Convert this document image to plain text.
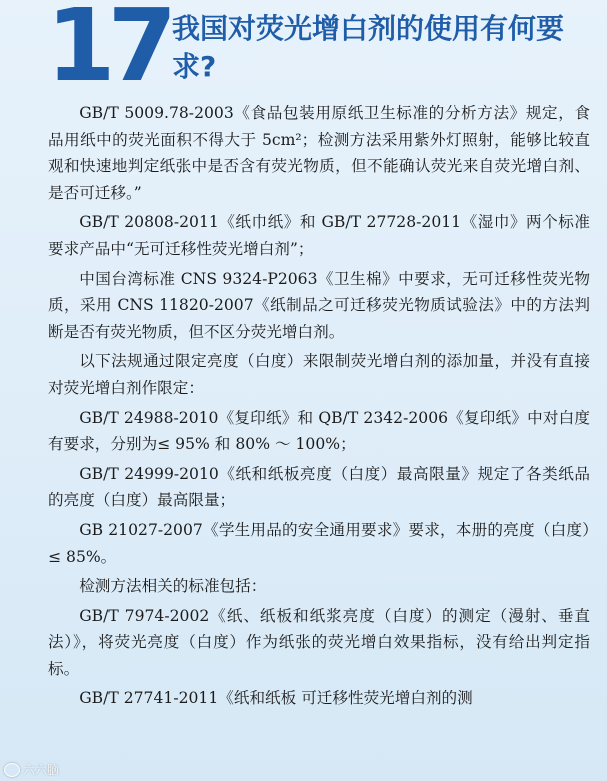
17 我国对荧光增白剂的使用有何要求?

GB/T 5009.78-2003《食品包装用原纸卫生标准的分析方法》规定，食品用纸中的荧光面积不得大于 5cm²；检测方法采用紫外灯照射，能够比较直观和快速地判定纸张中是否含有荧光物质，但不能确认荧光来自荧光增白剂、是否可迁移。”

GB/T 20808-2011《纸巾纸》和 GB/T 27728-2011《湿巾》两个标准要求产品中“无可迁移性荧光增白剂”；

中国台湾标准 CNS 9324-P2063《卫生棉》中要求，无可迁移性荧光物质，采用 CNS 11820-2007《纸制品之可迁移荧光物质试验法》中的方法判断是否有荧光物质，但不区分荧光增白剂。

以下法规通过限定亮度（白度）来限制荧光增白剂的添加量，并没有直接对荧光增白剂作限定：

GB/T 24988-2010《复印纸》和 QB/T 2342-2006《复印纸》中对白度有要求，分别为≤ 95% 和 80% ～ 100%；

GB/T 24999-2010《纸和纸板亮度（白度）最高限量》规定了各类纸品的亮度（白度）最高限量；

GB 21027-2007《学生用品的安全通用要求》要求，本册的亮度（白度）≤ 85%。

检测方法相关的标准包括：

GB/T 7974-2002《纸、纸板和纸浆亮度（白度）的测定（漫射、垂直法）》，将荧光亮度（白度）作为纸张的荧光增白效果指标，没有给出判定指标。

GB/T 27741-2011《纸和纸板 可迁移性荧光增白剂的测

六六脑
